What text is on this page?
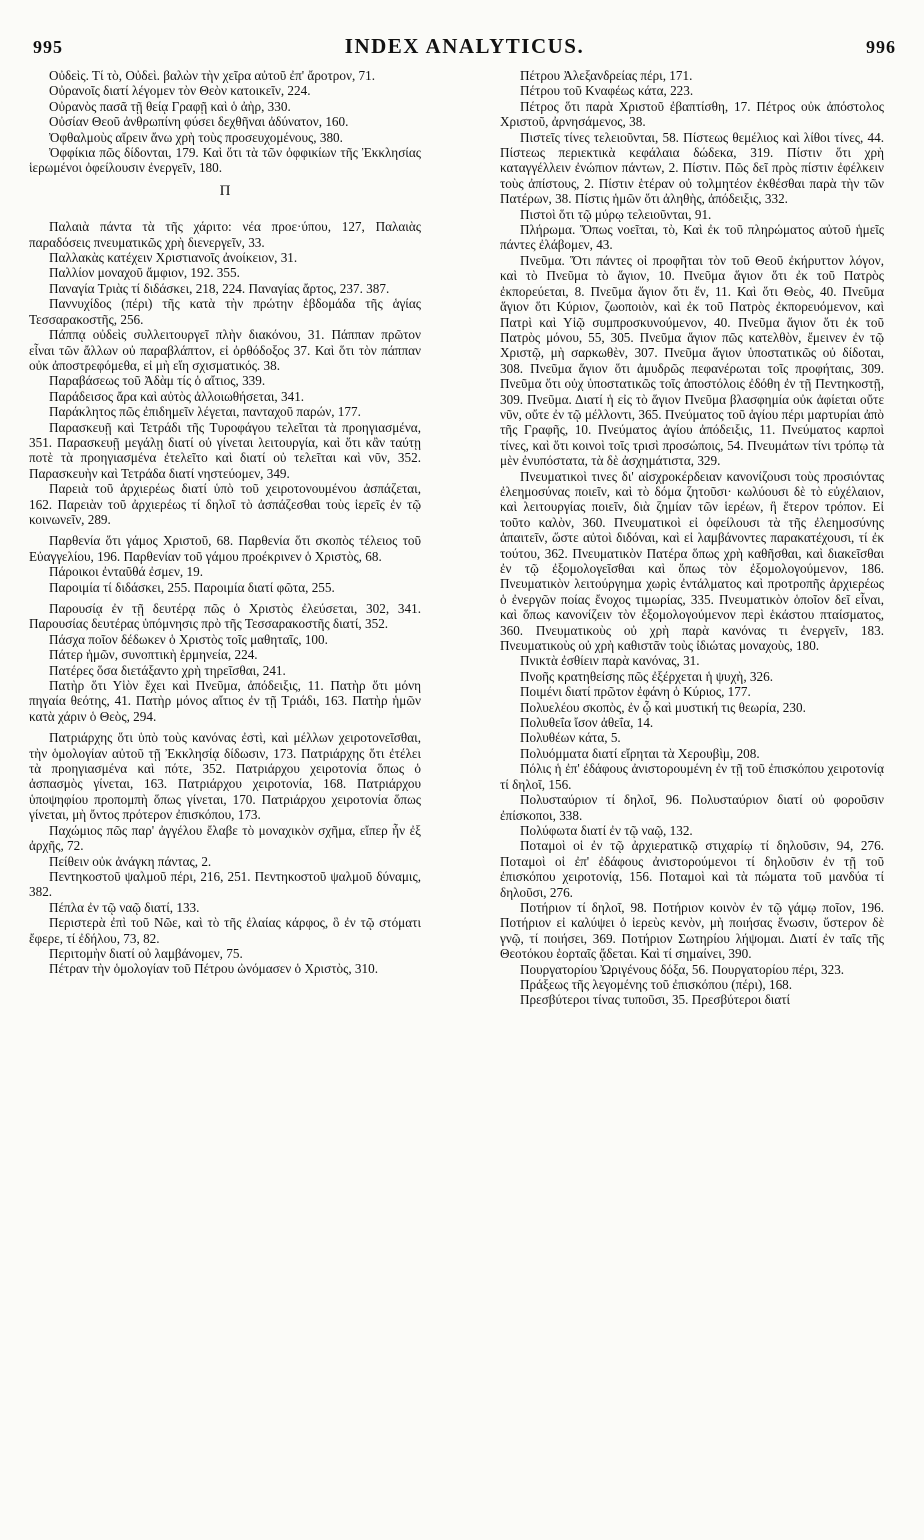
995	INDEX ANALYTICUS.	996

Οὐδεὶς. Τί τὸ, Οὐδεὶ. βαλὼν τὴν χεῖρα αὐτοῦ ἐπ' ἄροτρον, 71.

Οὐρανοῖς διατί λέγομεν τὸν Θεὸν κατοικεῖν, 224.

Οὐρανὸς πασᾶ τῇ θείᾳ Γραφῇ καὶ ὁ ἀὴρ, 330.

Οὐσίαν Θεοῦ ἀνθρωπίνη φύσει δεχθῆναι ἀδύνατον, 160.

Ὀφθαλμοὺς αἴρειν ἄνω χρὴ τοὺς προσευχομένους, 380.

Ὀφφίκια πῶς δίδονται, 179. Καὶ ὅτι τὰ τῶν ὀφφικίων τῆς Ἐκκλησίας ἱερωμένοι ὀφείλουσιν ἐνεργεῖν, 180.

Π

Παλαιὰ πάντα τὰ τῆς χάριτο: νέα προε·ύπου, 127, Παλαιὰς παραδόσεις πνευματικῶς χρὴ διενεργεῖν, 33.

Παλλακὰς κατέχειν Χριστιανοῖς ἀνοίκειον, 31.

Παλλίον μοναχοῦ ἄμφιον, 192. 355.

Παναγία Τριὰς τί διδάσκει, 218, 224. Παναγίας ἄρτος, 237. 387.

Παννυχίδος (πέρι) τῆς κατὰ τὴν πρώτην ἑβδομάδα τῆς ἁγίας Τεσσαρακοστῆς, 256.

Πάππᾳ οὐδεὶς συλλειτουργεῖ πλὴν διακόνου, 31. Πάππαν πρῶτον εἶναι τῶν ἄλλων οὐ παραβλάπτον, εἰ ὀρθόδοξος 37. Καὶ ὅτι τὸν πάππαν οὐκ ἀποστρεφόμεθα, εἰ μὴ εἴη σχισματικός. 38.

Παραβάσεως τοῦ Ἀδὰμ τίς ὁ αἴτιος, 339.

Παράδεισος ἄρα καὶ αὐτὸς ἀλλοιωθήσεται, 341.

Παράκλητος πῶς ἐπιδημεῖν λέγεται, πανταχοῦ παρών, 177.

Παρασκευῇ καὶ Τετράδι τῆς Τυροφάγου τελεῖται τὰ προηγιασμένα, 351. Παρασκευῇ μεγάλῃ διατί οὐ γίνεται λειτουργία, καὶ ὅτι κἂν ταύτῃ ποτὲ τὰ προηγιασμένα ἐτελεῖτο καὶ διατί οὐ τελεῖται καὶ νῦν, 352. Παρασκευὴν καὶ Τετράδα διατί νηστεύομεν, 349.

Παρειὰ τοῦ ἀρχιερέως διατί ὑπὸ τοῦ χειροτονουμένου ἀσπάζεται, 162. Παρειὰν τοῦ ἀρχιερέως τί δηλοῖ τὸ ἀσπάζεσθαι τοὺς ἱερεῖς ἐν τῷ κοινωνεῖν, 289.

Παρθενία ὅτι γάμος Χριστοῦ, 68. Παρθενία ὅτι σκοπὸς τέλειος τοῦ Εὐαγγελίου, 196. Παρθενίαν τοῦ γάμου προέκρινεν ὁ Χριστὸς, 68.

Πάροικοι ἐνταῦθά ἐσμεν, 19.

Παροιμία τί διδάσκει, 255. Παροιμία διατί φῶτα, 255.

Παρουσίᾳ ἐν τῇ δευτέρᾳ πῶς ὁ Χριστὸς ἐλεύσεται, 302, 341. Παρουσίας δευτέρας ὑπόμνησις πρὸ τῆς Τεσσαρακοστῆς διατί, 352.

Πάσχα ποῖον δέδωκεν ὁ Χριστὸς τοῖς μαθηταῖς, 100.

Πάτερ ἡμῶν, συνοπτικὴ ἑρμηνεία, 224.

Πατέρες ὅσα διετάξαντο χρὴ τηρεῖσθαι, 241.

Πατὴρ ὅτι Υἱὸν ἔχει καὶ Πνεῦμα, ἀπόδειξις, 11. Πατὴρ ὅτι μόνη πηγαία θεότης, 41. Πατὴρ μόνος αἴτιος ἐν τῇ Τριάδι, 163. Πατὴρ ἡμῶν κατὰ χάριν ὁ Θεὸς, 294.

Πατριάρχης ὅτι ὑπὸ τοὺς κανόνας ἐστὶ, καὶ μέλλων χειροτονεῖσθαι, τὴν ὁμολογίαν αὐτοῦ τῇ Ἐκκλησίᾳ δίδωσιν, 173. Πατριάρχης ὅτι ἐτέλει τὰ προηγιασμένα καὶ πότε, 352. Πατριάρχου χειροτονία ὅπως ὁ ἀσπασμὸς γίνεται, 163. Πατριάρχου χειροτονία, 168. Πατριάρχου ὑποψηφίου προπομπὴ ὅπως γίνεται, 170. Πατριάρχου χειροτονία ὅπως γίνεται, μὴ ὄντος πρότερον ἐπισκόπου, 173.

Παχώμιος πῶς παρ' ἀγγέλου ἔλαβε τὸ μοναχικὸν σχῆμα, εἴπερ ἦν ἐξ ἀρχῆς, 72.

Πείθειν οὐκ ἀνάγκη πάντας, 2.

Πεντηκοστοῦ ψαλμοῦ πέρι, 216, 251. Πεντηκοστοῦ ψαλμοῦ δύναμις, 382.

Πέπλα ἐν τῷ ναῷ διατί, 133.

Περιστερὰ ἐπὶ τοῦ Νῶε, καὶ τὸ τῆς ἐλαίας κάρφος, ὃ ἐν τῷ στόματι ἔφερε, τί ἐδήλου, 73, 82.

Περιτομὴν διατί οὐ λαμβάνομεν, 75.

Πέτραν τὴν ὁμολογίαν τοῦ Πέτρου ὠνόμασεν ὁ Χριστὸς, 310.

Πέτρου Ἀλεξανδρείας πέρι, 171.

Πέτρου τοῦ Κναφέως κάτα, 223.

Πέτρος ὅτι παρὰ Χριστοῦ ἐβαπτίσθη, 17. Πέτρος οὐκ ἀπόστολος Χριστοῦ, ἀρνησάμενος, 38.

Πιστεῖς τίνες τελειοῦνται, 58. Πίστεως θεμέλιος καὶ λίθοι τίνες, 44. Πίστεως περιεκτικὰ κεφάλαια δώδεκα, 319. Πίστιν ὅτι χρὴ καταγγέλλειν ἐνώπιον πάντων, 2. Πίστιν. Πῶς δεῖ πρὸς πίστιν ἐφέλκειν τοὺς ἀπίστους, 2. Πίστιν ἑτέραν οὐ τολμητέον ἐκθέσθαι παρὰ τὴν τῶν Πατέρων, 38. Πίστις ἡμῶν ὅτι ἀληθὴς, ἀπόδειξις, 332.

Πιστοὶ ὅτι τῷ μύρῳ τελειοῦνται, 91.

Πλήρωμα. Ὅπως νοεῖται, τὸ, Καὶ ἐκ τοῦ πληρώματος αὐτοῦ ἡμεῖς πάντες ἐλάβομεν, 43.

Πνεῦμα. Ὅτι πάντες οἱ προφῆται τὸν τοῦ Θεοῦ ἐκήρυττον λόγον, καὶ τὸ Πνεῦμα τὸ ἅγιον, 10. Πνεῦμα ἅγιον ὅτι ἐκ τοῦ Πατρὸς ἐκπορεύεται, 8. Πνεῦμα ἅγιον ὅτι ἔν, 11. Καὶ ὅτι Θεὸς, 40. Πνεῦμα ἅγιον ὅτι Κύριον, ζωοποιὸν, καὶ ἐκ τοῦ Πατρὸς ἐκπορευόμενον, καὶ Πατρὶ καὶ Υἱῷ συμπροσκυνούμενον, 40. Πνεῦμα ἅγιον ὅτι ἐκ τοῦ Πατρὸς μόνου, 55, 305. Πνεῦμα ἅγιον πῶς κατελθὸν, ἔμεινεν ἐν τῷ Χριστῷ, μὴ σαρκωθὲν, 307. Πνεῦμα ἅγιον ὑποστατικῶς οὐ δίδοται, 308. Πνεῦμα ἅγιον ὅτι ἀμυδρῶς πεφανέρωται τοῖς προφήταις, 309. Πνεῦμα ὅτι οὐχ ὑποστατικῶς τοῖς ἀποστόλοις ἐδόθη ἐν τῇ Πεντηκοστῇ, 309. Πνεῦμα. Διατί ἡ εἰς τὸ ἅγιον Πνεῦμα βλασφημία οὐκ ἀφίεται οὔτε νῦν, οὔτε ἐν τῷ μέλλοντι, 365. Πνεύματος τοῦ ἁγίου πέρι μαρτυρίαι ἀπὸ τῆς Γραφῆς, 10. Πνεύματος ἁγίου ἀπόδειξις, 11. Πνεύματος καρποὶ τίνες, καὶ ὅτι κοινοὶ τοῖς τρισὶ προσώποις, 54. Πνευμάτων τίνι τρόπῳ τὰ μὲν ἐνυπόστατα, τὰ δὲ ἀσχημάτιστα, 329.

Πνευματικοὶ τινες δι' αἰσχροκέρδειαν κανονίζουσι τοὺς προσιόντας ἐλεημοσύνας ποιεῖν, καὶ τὸ δόμα ζητοῦσι· κωλύουσι δὲ τὸ εὐχέλαιον, καὶ λειτουργίας ποιεῖν, διὰ ζημίαν τῶν ἱερέων, ἢ ἕτερον τρόπον. Εἰ τοῦτο καλὸν, 360. Πνευματικοὶ εἰ ὀφείλουσι τὰ τῆς ἐλεημοσύνης ἀπαιτεῖν, ὥστε αὐτοὶ διδόναι, καὶ εἰ λαμβάνοντες παρακατέχουσι, τί ἐκ τούτου, 362. Πνευματικὸν Πατέρα ὅπως χρὴ καθῆσθαι, καὶ διακεῖσθαι ἐν τῷ ἐξομολογεῖσθαι καὶ ὅπως τὸν ἐξομολογούμενον, 186. Πνευματικὸν λειτούργημα χωρὶς ἐντάλματος καὶ προτροπῆς ἀρχιερέως ὁ ἐνεργῶν ποίας ἔνοχος τιμωρίας, 335. Πνευματικὸν ὁποῖον δεῖ εἶναι, καὶ ὅπως κανονίζειν τὸν ἐξομολογούμενον περὶ ἑκάστου πταίσματος, 360. Πνευματικοὺς οὐ χρὴ παρὰ κανόνας τι ἐνεργεῖν, 183. Πνευματικοὺς οὐ χρὴ καθιστᾶν τοὺς ἰδιώτας μοναχοὺς, 180.

Πνικτὰ ἐσθίειν παρὰ κανόνας, 31.

Πνοῆς κρατηθείσης πῶς ἐξέρχεται ἡ ψυχὴ, 326.

Ποιμένι διατί πρῶτον ἐφάνη ὁ Κύριος, 177.

Πολυελέου σκοπὸς, ἐν ᾧ καὶ μυστική τις θεωρία, 230.

Πολυθεΐα ἴσον ἀθεΐα, 14.

Πολυθέων κάτα, 5.

Πολυόμματα διατί εἴρηται τὰ Χερουβὶμ, 208.

Πόλις ἡ ἐπ' ἐδάφους ἀνιστορουμένη ἐν τῇ τοῦ ἐπισκόπου χειροτονίᾳ τί δηλοῖ, 156.

Πολυσταύριον τί δηλοῖ, 96. Πολυσταύριον διατί οὐ φοροῦσιν ἐπίσκοποι, 338.

Πολύφωτα διατί ἐν τῷ ναῷ, 132.

Ποταμοὶ οἱ ἐν τῷ ἀρχιερατικῷ στιχαρίῳ τί δηλοῦσιν, 94, 276. Ποταμοὶ οἱ ἐπ' ἐδάφους ἀνιστορούμενοι τί δηλοῦσιν ἐν τῇ τοῦ ἐπισκόπου χειροτονίᾳ, 156. Ποταμοὶ καὶ τὰ πώματα τοῦ μανδύα τί δηλοῦσι, 276.

Ποτήριον τί δηλοῖ, 98. Ποτήριον κοινὸν ἐν τῷ γάμῳ ποῖον, 196. Ποτήριον εἰ καλύψει ὁ ἱερεὺς κενὸν, μὴ ποιήσας ἕνωσιν, ὕστερον δὲ γνῷ, τί ποιήσει, 369. Ποτήριον Σωτηρίου λήψομαι. Διατί ἐν ταῖς τῆς Θεοτόκου ἑορταῖς ᾄδεται. Καὶ τί σημαίνει, 390.

Πουργατορίου Ὠριγένους δόξα, 56. Πουργατορίου πέρι, 323.

Πράξεως τῆς λεγομένης τοῦ ἐπισκόπου (πέρι), 168.

Πρεσβύτεροι τίνας τυποῦσι, 35. Πρεσβύτεροι διατί
